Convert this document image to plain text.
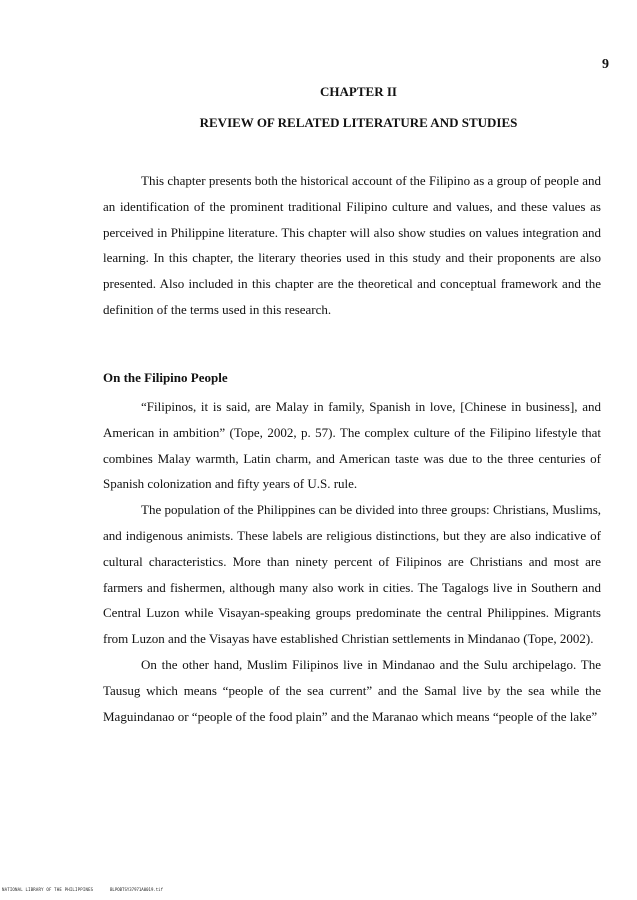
9
CHAPTER II
REVIEW OF RELATED LITERATURE AND STUDIES

This chapter presents both the historical account of the Filipino as a group of people and an identification of the prominent traditional Filipino culture and values, and these values as perceived in Philippine literature. This chapter will also show studies on values integration and learning. In this chapter, the literary theories used in this study and their proponents are also presented. Also included in this chapter are the theoretical and conceptual framework and the definition of the terms used in this research.

On the Filipino People

“Filipinos, it is said, are Malay in family, Spanish in love, [Chinese in business], and American in ambition” (Tope, 2002, p. 57). The complex culture of the Filipino lifestyle that combines Malay warmth, Latin charm, and American taste was due to the three centuries of Spanish colonization and fifty years of U.S. rule.

The population of the Philippines can be divided into three groups: Christians, Muslims, and indigenous animists. These labels are religious distinctions, but they are also indicative of cultural characteristics. More than ninety percent of Filipinos are Christians and most are farmers and fishermen, although many also work in cities. The Tagalogs live in Southern and Central Luzon while Visayan-speaking groups predominate the central Philippines. Migrants from Luzon and the Visayas have established Christian settlements in Mindanao (Tope, 2002).

On the other hand, Muslim Filipinos live in Mindanao and the Sulu archipelago. The Tausug which means “people of the sea current” and the Samal live by the sea while the Maguindanao or “people of the food plain” and the Maranao which means “people of the lake”

NATIONAL LIBRARY OF THE PHILIPPINES	BLPOBTSY37971A0019.tif
